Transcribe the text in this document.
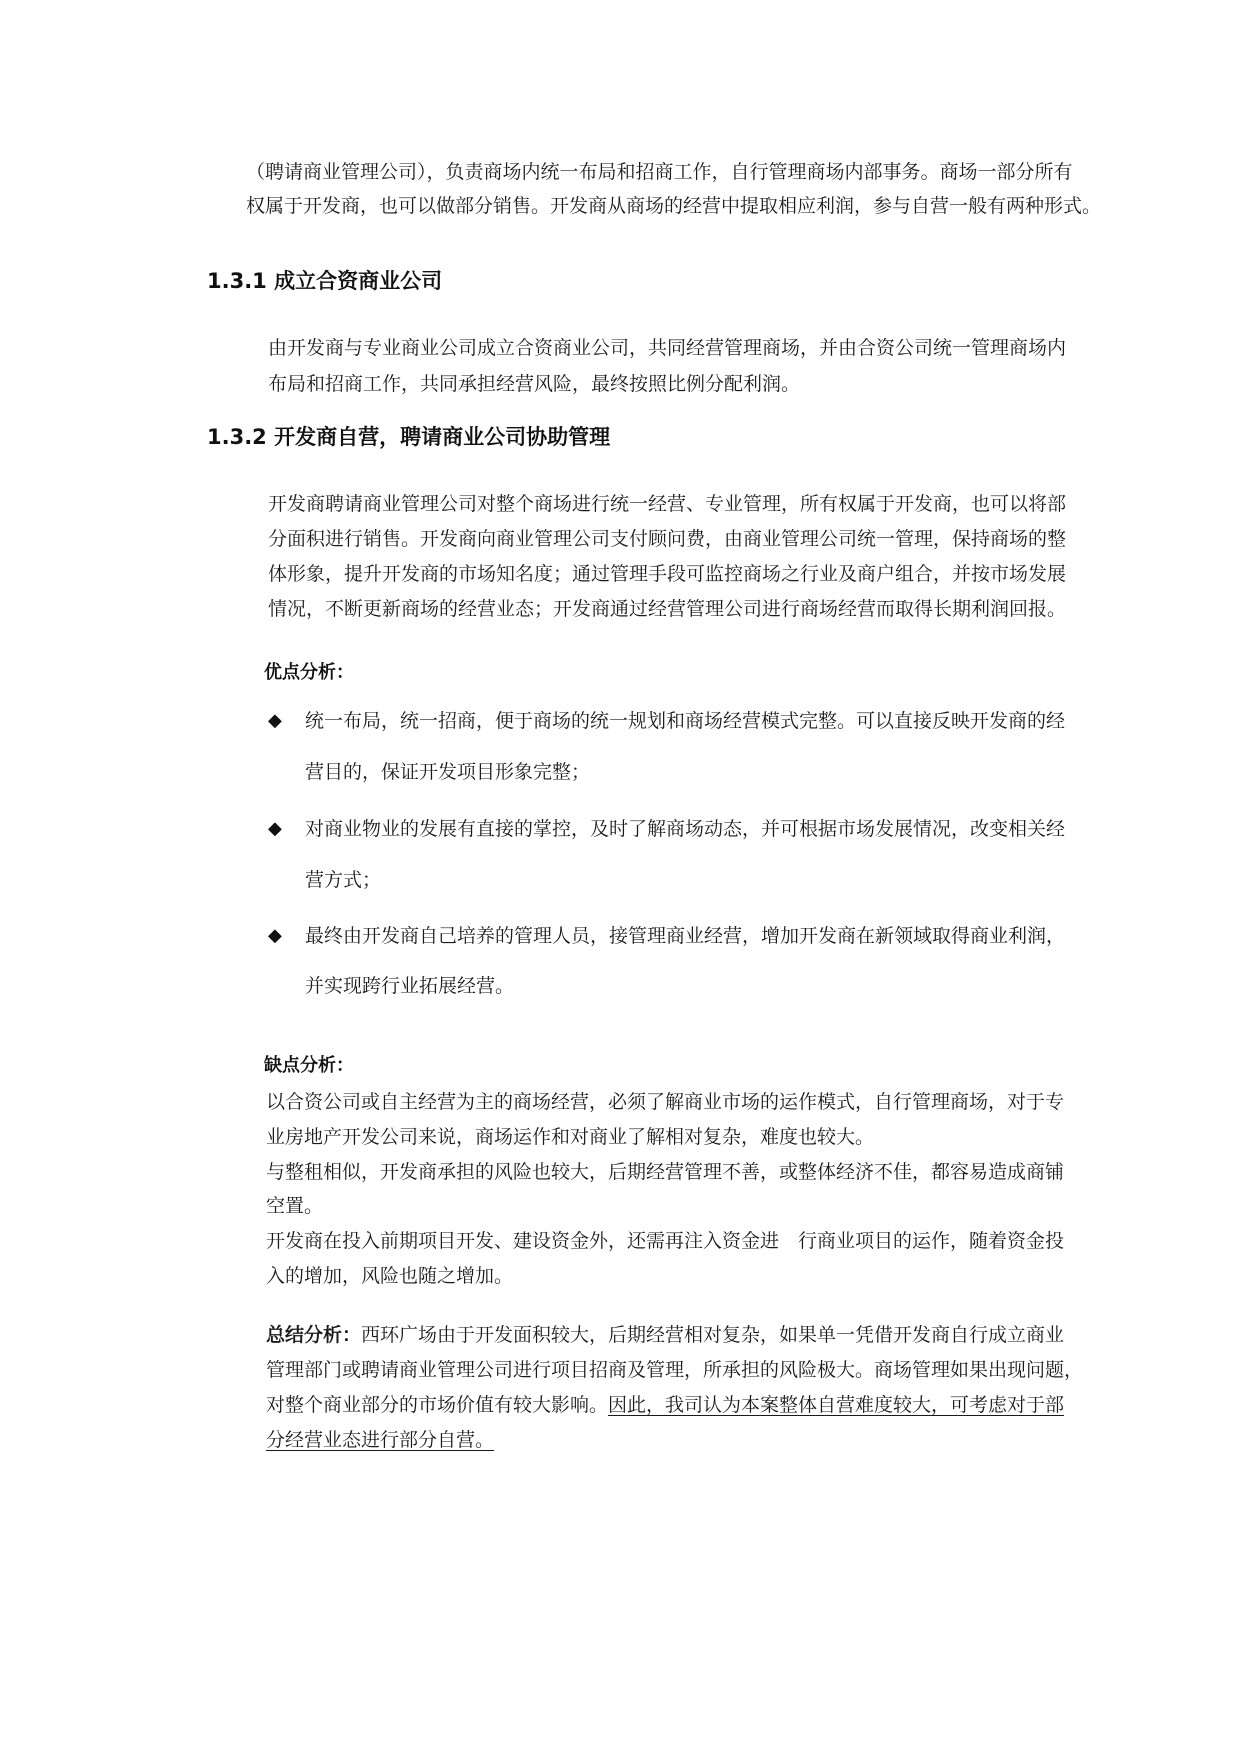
（聘请商业管理公司），负责商场内统一布局和招商工作，自行管理商场内部事务。商场一部分所有
权属于开发商，也可以做部分销售。开发商从商场的经营中提取相应利润，参与自营一般有两种形式。
1.3.1 成立合资商业公司
由开发商与专业商业公司成立合资商业公司，共同经营管理商场，并由合资公司统一管理商场内
布局和招商工作，共同承担经营风险，最终按照比例分配利润。
1.3.2 开发商自营，聘请商业公司协助管理
开发商聘请商业管理公司对整个商场进行统一经营、专业管理，所有权属于开发商，也可以将部
分面积进行销售。开发商向商业管理公司支付顾问费，由商业管理公司统一管理，保持商场的整
体形象，提升开发商的市场知名度；通过管理手段可监控商场之行业及商户组合，并按市场发展
情况，不断更新商场的经营业态；开发商通过经营管理公司进行商场经营而取得长期利润回报。
优点分析：
◆ 统一布局，统一招商，便于商场的统一规划和商场经营模式完整。可以直接反映开发商的经
营目的，保证开发项目形象完整；
◆ 对商业物业的发展有直接的掌控，及时了解商场动态，并可根据市场发展情况，改变相关经
营方式；
◆ 最终由开发商自己培养的管理人员，接管理商业经营，增加开发商在新领域取得商业利润，
并实现跨行业拓展经营。
缺点分析：
以合资公司或自主经营为主的商场经营，必须了解商业市场的运作模式，自行管理商场，对于专
业房地产开发公司来说，商场运作和对商业了解相对复杂，难度也较大。
与整租相似，开发商承担的风险也较大，后期经营管理不善，或整体经济不佳，都容易造成商铺
空置。
开发商在投入前期项目开发、建设资金外，还需再注入资金进　行商业项目的运作，随着资金投
入的增加，风险也随之增加。
总结分析：西环广场由于开发面积较大，后期经营相对复杂，如果单一凭借开发商自行成立商业
管理部门或聘请商业管理公司进行项目招商及管理，所承担的风险极大。商场管理如果出现问题，
对整个商业部分的市场价值有较大影响。因此，我司认为本案整体自营难度较大，可考虑对于部
分经营业态进行部分自营。
